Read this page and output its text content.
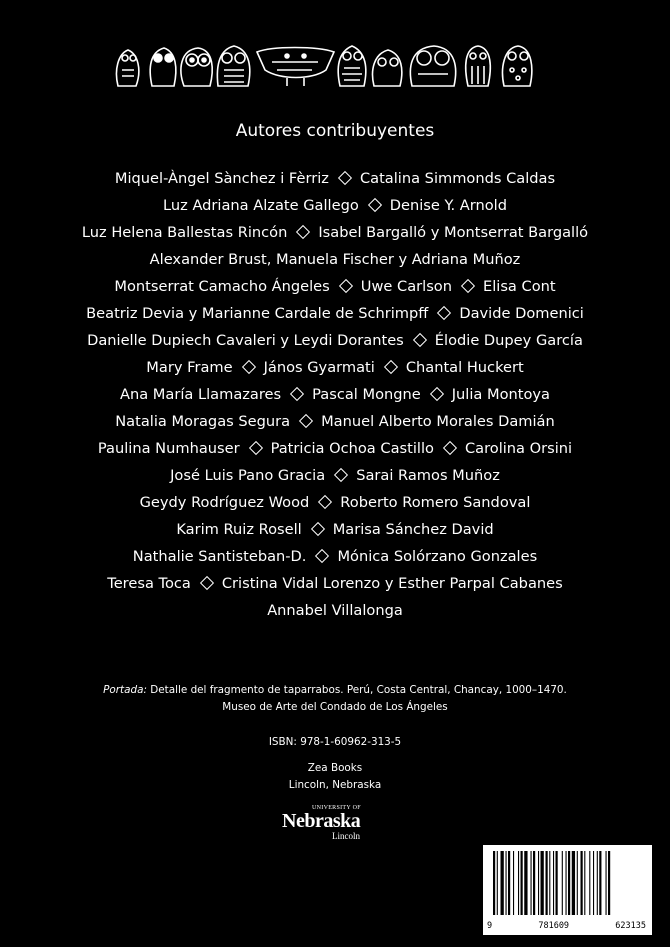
Autores contribuyentes
Miquel-Àngel Sànchez i Fèrriz Catalina Simmonds Caldas
Luz Adriana Alzate Gallego Denise Y. Arnold
Luz Helena Ballestas Rincón Isabel Bargalló y Montserrat Bargalló
Alexander Brust, Manuela Fischer y Adriana Muñoz
Montserrat Camacho Ángeles Uwe Carlson Elisa Cont
Beatriz Devia y Marianne Cardale de Schrimpff Davide Domenici
Danielle Dupiech Cavaleri y Leydi Dorantes Élodie Dupey García
Mary Frame János Gyarmati Chantal Huckert
Ana María Llamazares Pascal Mongne Julia Montoya
Natalia Moragas Segura Manuel Alberto Morales Damián
Paulina Numhauser Patricia Ochoa Castillo Carolina Orsini
José Luis Pano Gracia Sarai Ramos Muñoz
Geydy Rodríguez Wood Roberto Romero Sandoval
Karim Ruiz Rosell Marisa Sánchez David
Nathalie Santisteban-D. Mónica Solórzano Gonzales
Teresa Toca Cristina Vidal Lorenzo y Esther Parpal Cabanes
Annabel Villalonga
Portada: Detalle del fragmento de taparrabos. Perú, Costa Central, Chancay, 1000–1470.
Museo de Arte del Condado de Los Ángeles
ISBN: 978-1-60962-313-5
Zea Books
Lincoln, Nebraska
UNIVERSITY OF
Nebraska
Lincoln
9	781609	623135
